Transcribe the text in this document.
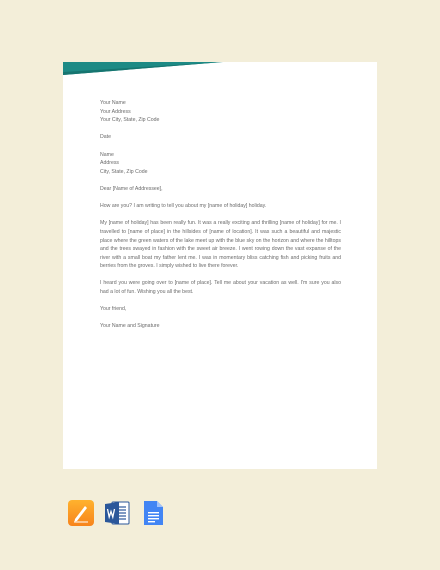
Your Name
Your Address
Your City, State, Zip Code
Date
Name
Address
City, State, Zip Code
Dear [Name of Addressee],

How are you? I am writing to tell you about my [name of holiday] holiday.

My [name of holiday] has been really fun. It was a really exciting and thrilling [name of holiday] for me. I travelled to [name of place] in the hillsides of [name of location]. It was such a beautiful and majestic place where the green waters of the lake meet up with the blue sky on the horizon and where the hilltops and the trees swayed in fashion with the sweet air breeze. I went rowing down the vast expanse of the river with a small boat my father lent me. I was in momentary bliss catching fish and picking fruits and berries from the groves. I simply wished to live there forever.

I heard you were going over to [name of place]. Tell me about your vacation as well. I'm sure you also had a lot of fun. Wishing you all the best.

Your friend,
Your Name and Signature
